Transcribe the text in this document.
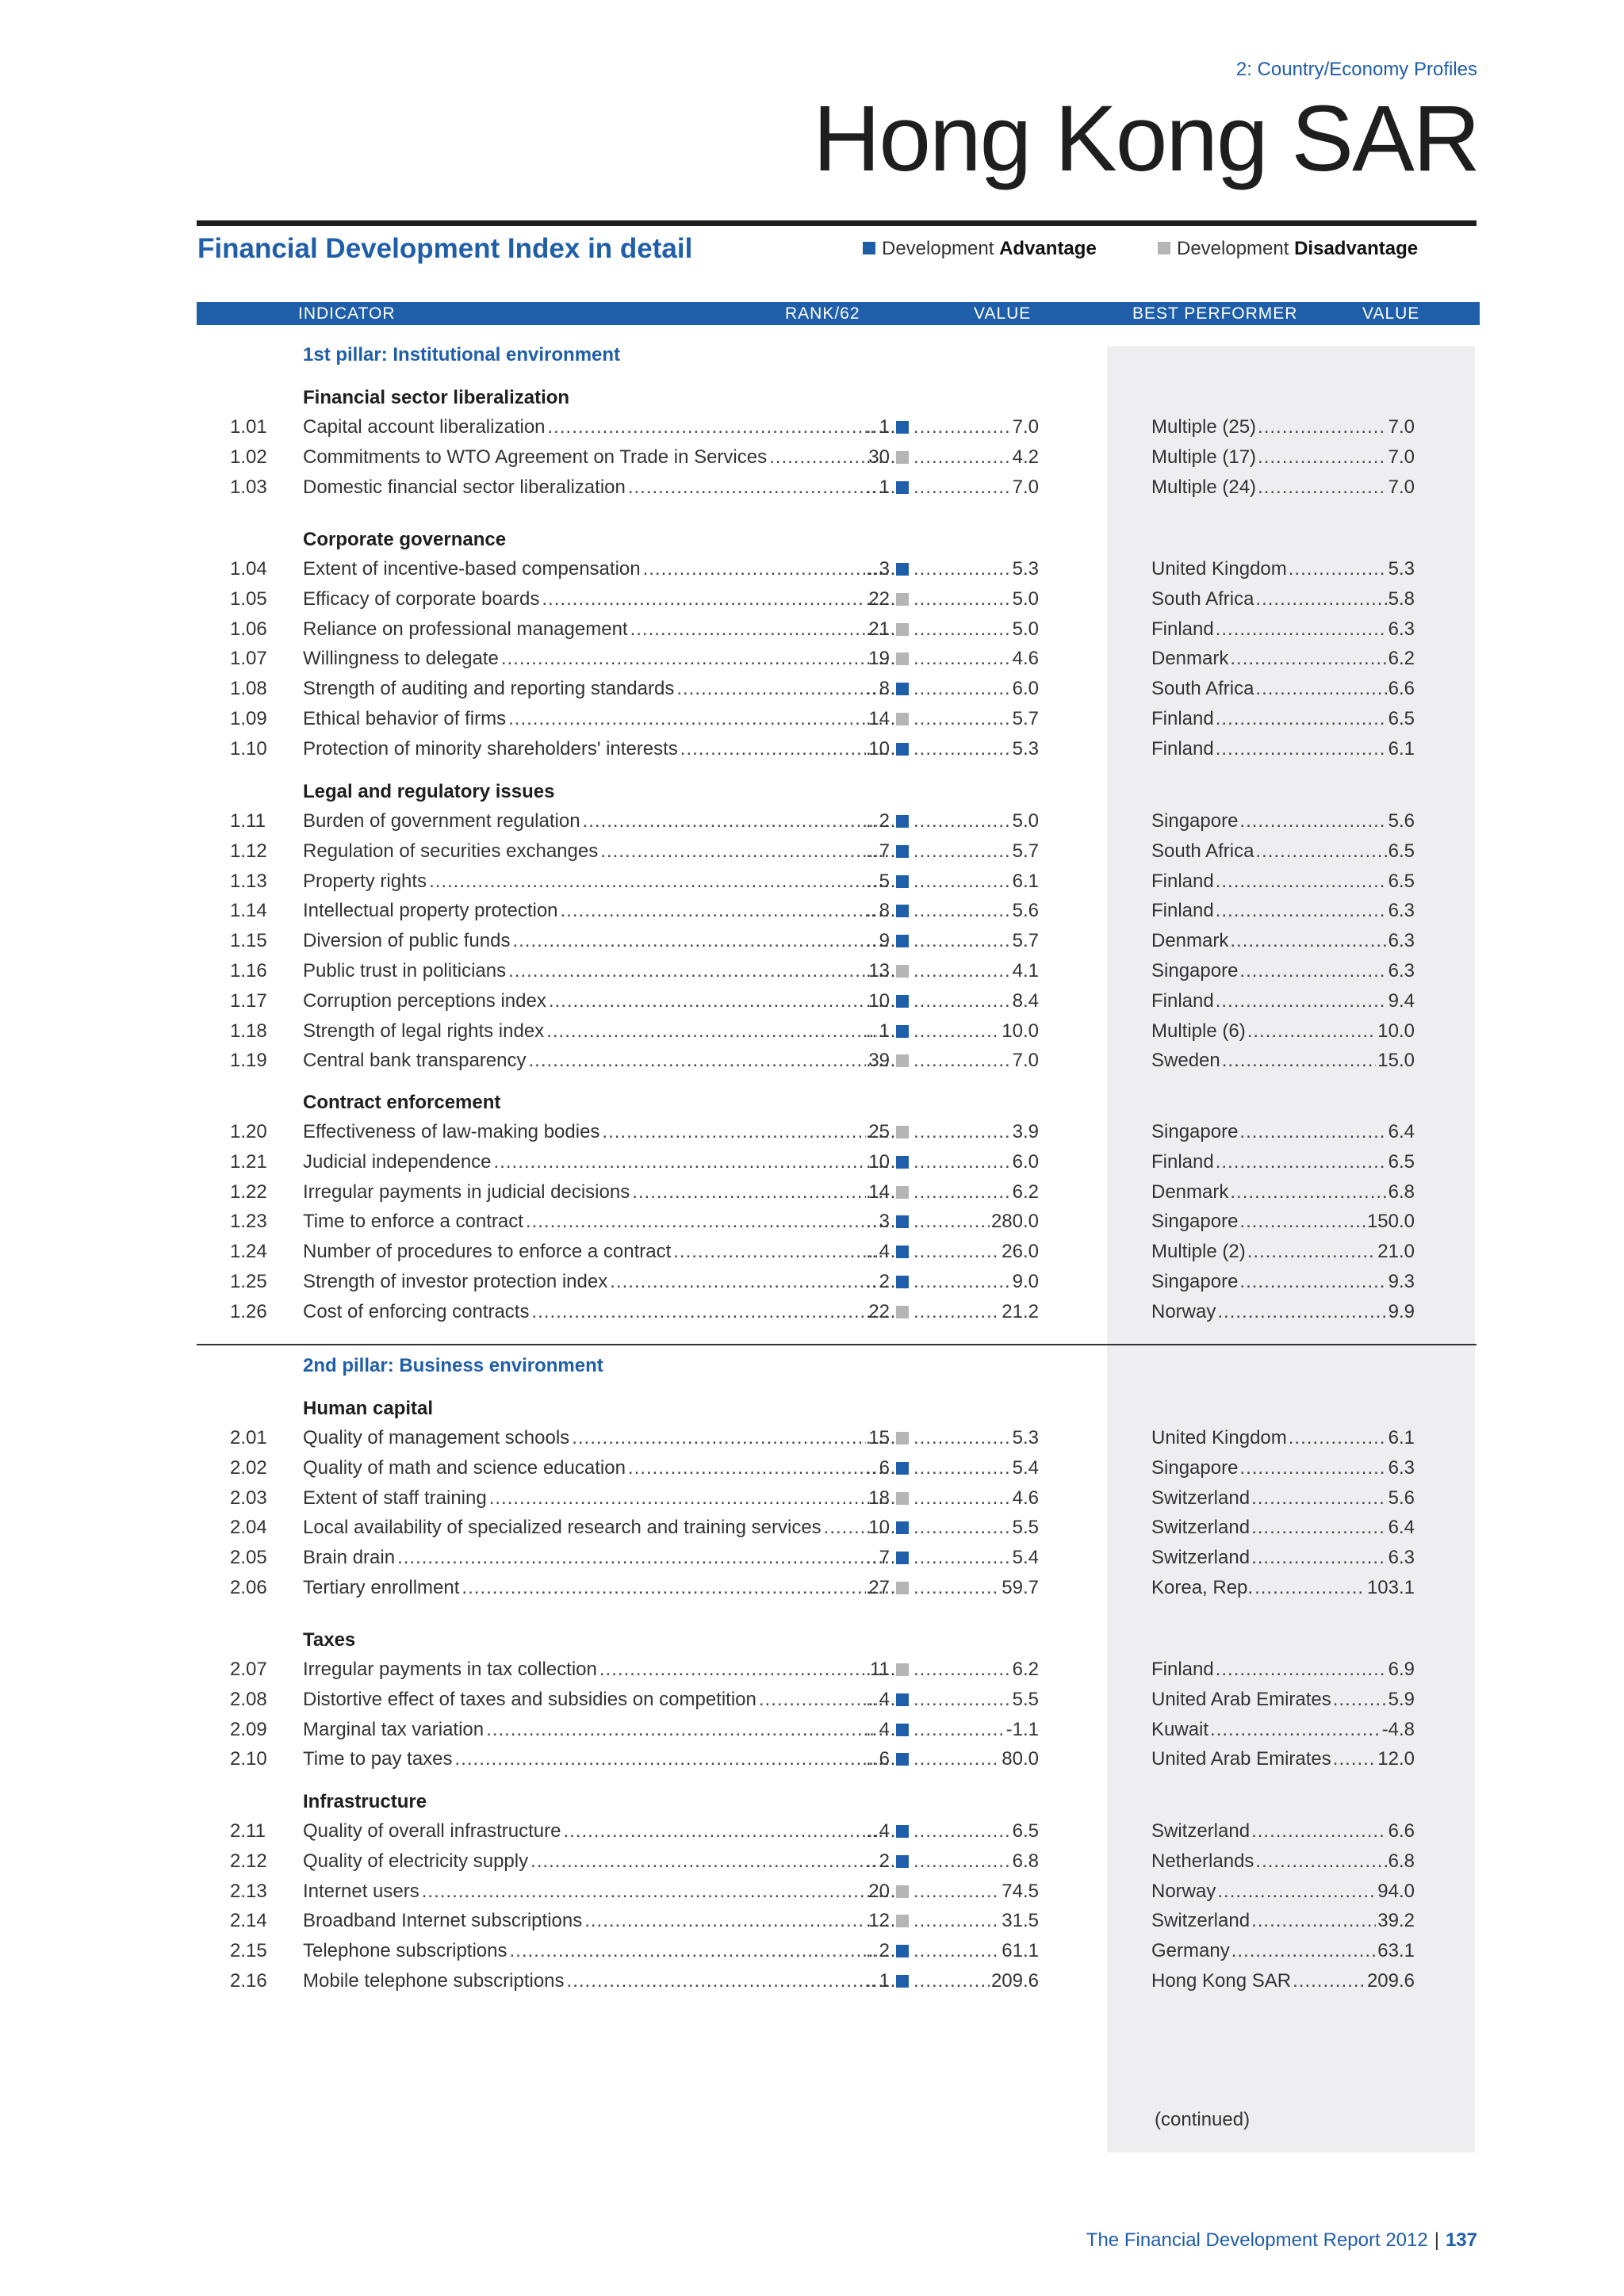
2: Country/Economy Profiles
Hong Kong SAR
Financial Development Index in detail	Development Advantage	Development Disadvantage
INDICATOR	RANK/62	VALUE	BEST PERFORMER	VALUE
1st pillar: Institutional environment
Financial sector liberalization
1.01	Capital account liberalization .....	1 ........ .....	7.0	Multiple (25) .....	7.0
1.02	Commitments to WTO Agreement on Trade in Services .....	30 ........ .....	4.2	Multiple (17) .....	7.0
1.03	Domestic financial sector liberalization .....	1 ........ .....	7.0	Multiple (24) .....	7.0
Corporate governance
1.04	Extent of incentive-based compensation .....	3 ........ .....	5.3	United Kingdom .....	5.3
1.05	Efficacy of corporate boards .....	22 ........ .....	5.0	South Africa .....	5.8
1.06	Reliance on professional management .....	21 ........ .....	5.0	Finland .....	6.3
1.07	Willingness to delegate .....	19 ........ .....	4.6	Denmark .....	6.2
1.08	Strength of auditing and reporting standards .....	8 ........ .....	6.0	South Africa .....	6.6
1.09	Ethical behavior of firms .....	14 ........ .....	5.7	Finland .....	6.5
1.10	Protection of minority shareholders' interests .....	10 ........ .....	5.3	Finland .....	6.1
Legal and regulatory issues
1.11	Burden of government regulation .....	2 ........ .....	5.0	Singapore .....	5.6
1.12	Regulation of securities exchanges .....	7 ........ .....	5.7	South Africa .....	6.5
1.13	Property rights .....	5 ........ .....	6.1	Finland .....	6.5
1.14	Intellectual property protection .....	8 ........ .....	5.6	Finland .....	6.3
1.15	Diversion of public funds .....	9 ........ .....	5.7	Denmark .....	6.3
1.16	Public trust in politicians .....	13 ........ .....	4.1	Singapore .....	6.3
1.17	Corruption perceptions index .....	10 ........ .....	8.4	Finland .....	9.4
1.18	Strength of legal rights index .....	1 ........ .....	10.0	Multiple (6) .....	10.0
1.19	Central bank transparency .....	39 ........ .....	7.0	Sweden .....	15.0
Contract enforcement
1.20	Effectiveness of law-making bodies .....	25 ........ .....	3.9	Singapore .....	6.4
1.21	Judicial independence .....	10 ........ .....	6.0	Finland .....	6.5
1.22	Irregular payments in judicial decisions .....	14 ........ .....	6.2	Denmark .....	6.8
1.23	Time to enforce a contract .....	3 ........ .....	280.0	Singapore .....	150.0
1.24	Number of procedures to enforce a contract .....	4 ........ .....	26.0	Multiple (2) .....	21.0
1.25	Strength of investor protection index .....	2 ........ .....	9.0	Singapore .....	9.3
1.26	Cost of enforcing contracts .....	22 ........ .....	21.2	Norway .....	9.9
2nd pillar: Business environment
Human capital
2.01	Quality of management schools .....	15 ........ .....	5.3	United Kingdom .....	6.1
2.02	Quality of math and science education .....	6 ........ .....	5.4	Singapore .....	6.3
2.03	Extent of staff training .....	18 ........ .....	4.6	Switzerland .....	5.6
2.04	Local availability of specialized research and training services ..... 10 ........ .....	5.5	Switzerland .....	6.4
2.05	Brain drain .....	7 ........ .....	5.4	Switzerland .....	6.3
2.06	Tertiary enrollment .....	27 ........ .....	59.7	Korea, Rep. .....	103.1
Taxes
2.07	Irregular payments in tax collection .....	11 ........ .....	6.2	Finland .....	6.9
2.08	Distortive effect of taxes and subsidies on competition .....	4 ........ .....	5.5	United Arab Emirates .....	5.9
2.09	Marginal tax variation .....	4 ........ .....	-1.1	Kuwait .....	-4.8
2.10	Time to pay taxes .....	6 ........ .....	80.0	United Arab Emirates ..... 12.0
Infrastructure
2.11	Quality of overall infrastructure .....	4 ........ .....	6.5	Switzerland .....	6.6
2.12	Quality of electricity supply .....	2 ........ .....	6.8	Netherlands .....	6.8
2.13	Internet users .....	20 ........ .....	74.5	Norway .....	94.0
2.14	Broadband Internet subscriptions .....	12 ........ .....	31.5	Switzerland .....	39.2
2.15	Telephone subscriptions .....	2 ........ .....	61.1	Germany .....	63.1
2.16	Mobile telephone subscriptions .....	1 ........ .....	209.6	Hong Kong SAR .....	209.6
(continued)
The Financial Development Report 2012 | 137
